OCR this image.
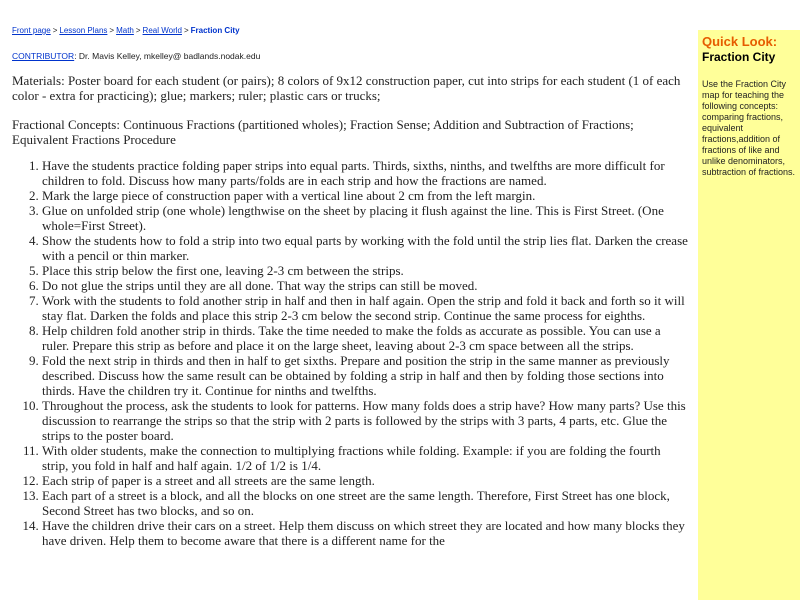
Front page > Lesson Plans > Math > Real World > Fraction City
CONTRIBUTOR: Dr. Mavis Kelley, mkelley@ badlands.nodak.edu
Materials: Poster board for each student (or pairs); 8 colors of 9x12 construction paper, cut into strips for each student (1 of each color - extra for practicing); glue; markers; ruler; plastic cars or trucks;
Fractional Concepts: Continuous Fractions (partitioned wholes); Fraction Sense; Addition and Subtraction of Fractions; Equivalent Fractions Procedure
1. Have the students practice folding paper strips into equal parts. Thirds, sixths, ninths, and twelfths are more difficult for children to fold. Discuss how many parts/folds are in each strip and how the fractions are named.
2. Mark the large piece of construction paper with a vertical line about 2 cm from the left margin.
3. Glue on unfolded strip (one whole) lengthwise on the sheet by placing it flush against the line. This is First Street. (One whole=First Street).
4. Show the students how to fold a strip into two equal parts by working with the fold until the strip lies flat. Darken the crease with a pencil or thin marker.
5. Place this strip below the first one, leaving 2-3 cm between the strips.
6. Do not glue the strips until they are all done. That way the strips can still be moved.
7. Work with the students to fold another strip in half and then in half again. Open the strip and fold it back and forth so it will stay flat. Darken the folds and place this strip 2-3 cm below the second strip. Continue the same process for eighths.
8. Help children fold another strip in thirds. Take the time needed to make the folds as accurate as possible. You can use a ruler. Prepare this strip as before and place it on the large sheet, leaving about 2-3 cm space between all the strips.
9. Fold the next strip in thirds and then in half to get sixths. Prepare and position the strip in the same manner as previously described. Discuss how the same result can be obtained by folding a strip in half and then by folding those sections into thirds. Have the children try it. Continue for ninths and twelfths.
10. Throughout the process, ask the students to look for patterns. How many folds does a strip have? How many parts? Use this discussion to rearrange the strips so that the strip with 2 parts is followed by the strips with 3 parts, 4 parts, etc. Glue the strips to the poster board.
11. With older students, make the connection to multiplying fractions while folding. Example: if you are folding the fourth strip, you fold in half and half again. 1/2 of 1/2 is 1/4.
12. Each strip of paper is a street and all streets are the same length.
13. Each part of a street is a block, and all the blocks on one street are the same length. Therefore, First Street has one block, Second Street has two blocks, and so on.
14. Have the children drive their cars on a street. Help them discuss on which street they are located and how many blocks they have driven. Help them to become aware that there is a different name for the
Quick Look:
Fraction City
Use the Fraction City map for teaching the following concepts: comparing fractions, equivalent fractions,addition of fractions of like and unlike denominators, subtraction of fractions.
